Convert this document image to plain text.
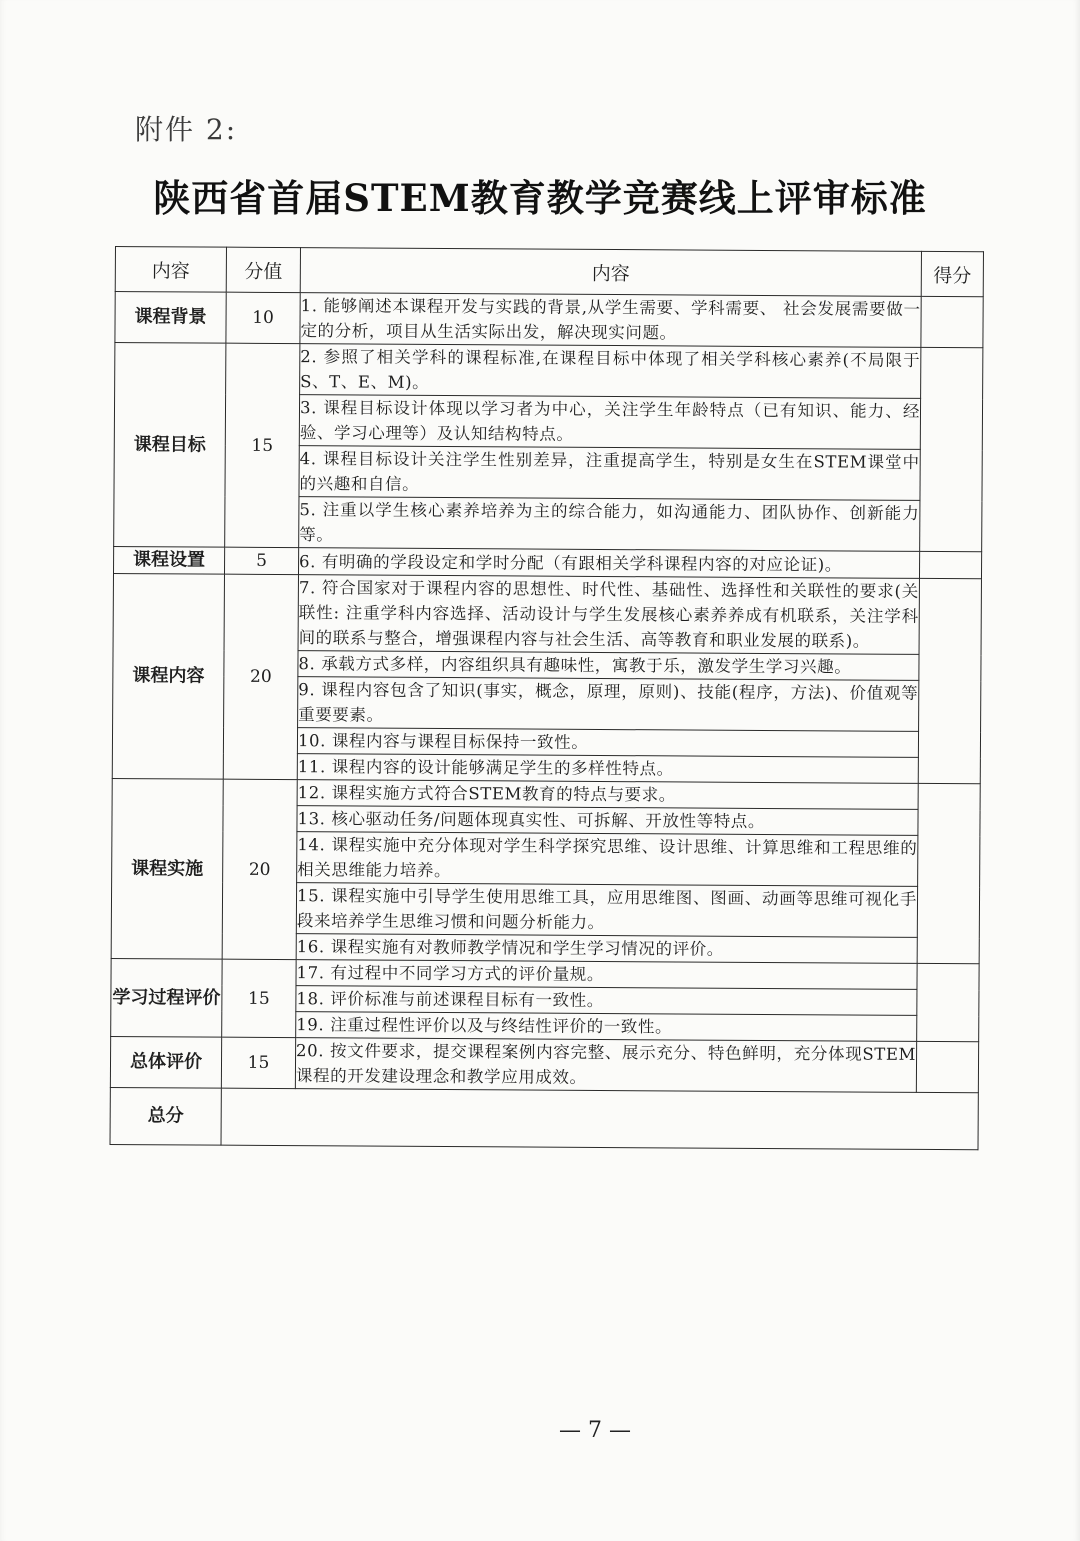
附件 2:
陕西省首届STEM教育教学竞赛线上评审标准
内容	分值	内容	得分
课程背景	10	1. 能够阐述本课程开发与实践的背景,从学生需要、学科需要、 社会发展需要做一定的分析，项目从生活实际出发，解决现实问题。	
课程目标	15	2. 参照了相关学科的课程标准,在课程目标中体现了相关学科核心素养(不局限于S、T、E、M)。	
		3. 课程目标设计体现以学习者为中心，关注学生年龄特点（已有知识、能力、经验、学习心理等）及认知结构特点。	
		4. 课程目标设计关注学生性别差异，注重提高学生，特别是女生在STEM课堂中的兴趣和自信。	
		5. 注重以学生核心素养培养为主的综合能力，如沟通能力、团队协作、创新能力等。	
课程设置	5	6. 有明确的学段设定和学时分配（有跟相关学科课程内容的对应论证)。	
课程内容	20	7. 符合国家对于课程内容的思想性、时代性、基础性、选择性和关联性的要求(关联性: 注重学科内容选择、活动设计与学生发展核心素养养成有机联系，关注学科间的联系与整合，增强课程内容与社会生活、高等教育和职业发展的联系)。	
		8. 承载方式多样，内容组织具有趣味性，寓教于乐，激发学生学习兴趣。	
		9. 课程内容包含了知识(事实，概念，原理，原则)、技能(程序，方法)、价值观等重要要素。	
		10. 课程内容与课程目标保持一致性。	
		11. 课程内容的设计能够满足学生的多样性特点。	
课程实施	20	12. 课程实施方式符合STEM教育的特点与要求。	
		13. 核心驱动任务/问题体现真实性、可拆解、开放性等特点。	
		14. 课程实施中充分体现对学生科学探究思维、设计思维、计算思维和工程思维的相关思维能力培养。	
		15. 课程实施中引导学生使用思维工具，应用思维图、图画、动画等思维可视化手段来培养学生思维习惯和问题分析能力。	
		16. 课程实施有对教师教学情况和学生学习情况的评价。	
学习过程评价	15	17. 有过程中不同学习方式的评价量规。	
		18. 评价标准与前述课程目标有一致性。	
		19. 注重过程性评价以及与终结性评价的一致性。	
总体评价	15	20. 按文件要求，提交课程案例内容完整、展示充分、特色鲜明，充分体现STEM课程的开发建设理念和教学应用成效。	
总分			
— 7 —
